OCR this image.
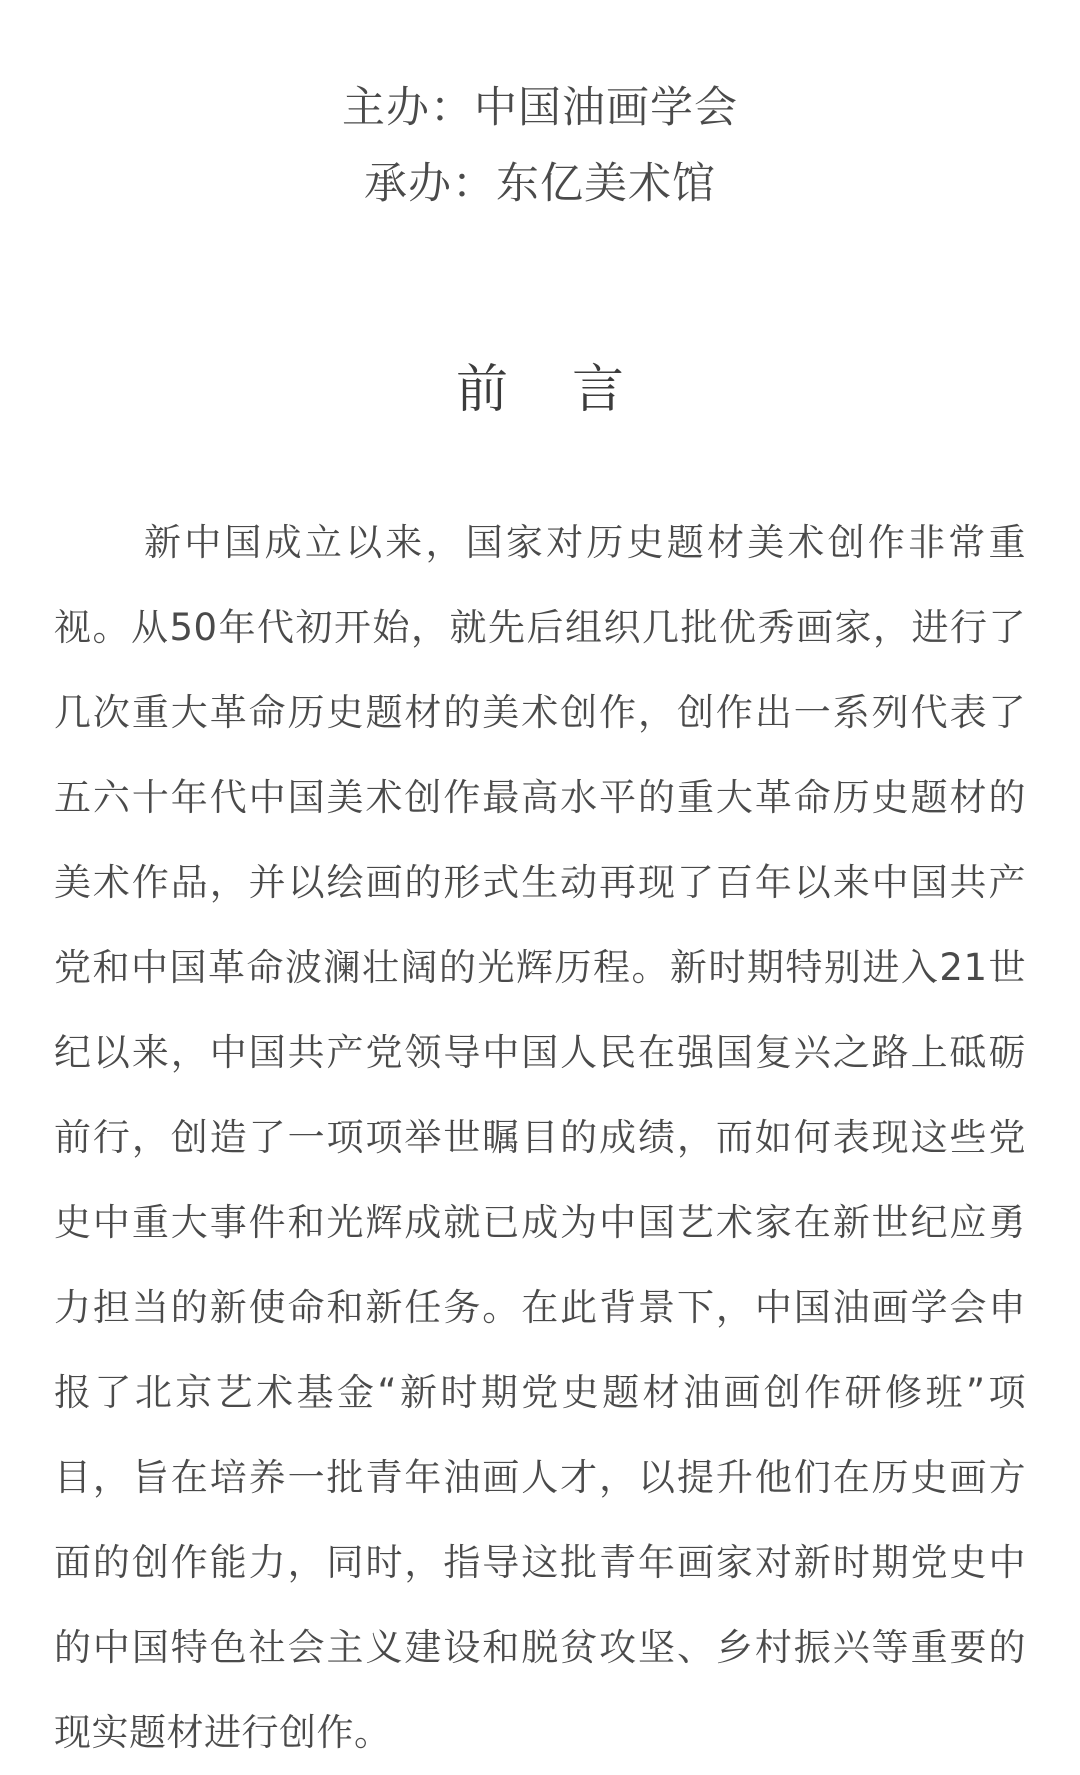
主办：中国油画学会
承办：东亿美术馆
前言

新中国成立以来，国家对历史题材美术创作非常重视。从50年代初开始，就先后组织几批优秀画家，进行了几次重大革命历史题材的美术创作，创作出一系列代表了五六十年代中国美术创作最高水平的重大革命历史题材的美术作品，并以绘画的形式生动再现了百年以来中国共产党和中国革命波澜壮阔的光辉历程。新时期特别进入21世纪以来，中国共产党领导中国人民在强国复兴之路上砥砺前行，创造了一项项举世瞩目的成绩，而如何表现这些党史中重大事件和光辉成就已成为中国艺术家在新世纪应勇力担当的新使命和新任务。在此背景下，中国油画学会申报了北京艺术基金“新时期党史题材油画创作研修班”项目，旨在培养一批青年油画人才，以提升他们在历史画方面的创作能力，同时，指导这批青年画家对新时期党史中的中国特色社会主义建设和脱贫攻坚、乡村振兴等重要的现实题材进行创作。
